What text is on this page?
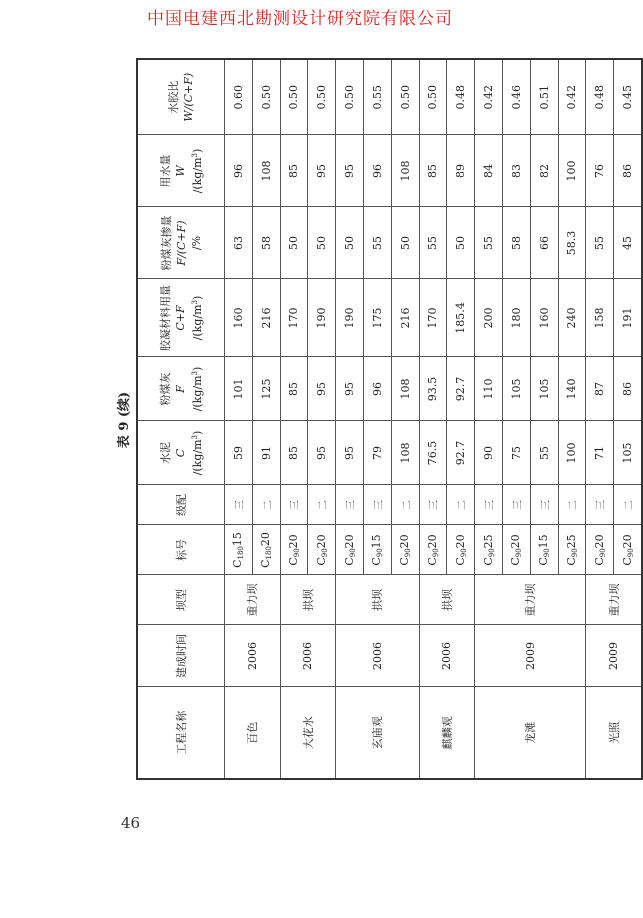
中国电建西北勘测设计研究院有限公司
表 9 (续)
工程名称	建成时间	坝型	标号	级配	水泥 C $/(kg/m^3)$	粉煤灰 F $/(kg/m^3)$	胶凝材料用量 C+F $/(kg/m^3)$	粉煤灰掺量 F/(C+F) /%	用水量 W $/(kg/m^3)$	水胶比 W/(C+F)

百色	2006	重力坝	$C_{180}15$	三	59	101	160	63	96	0.60
			$C_{180}20$	二	91	125	216	58	108	0.50
大花水	2006	拱坝	$C_{90}20$	三	85	85	170	50	85	0.50
			$C_{90}20$	二	95	95	190	50	95	0.50
玄庙观	2006	拱坝	$C_{90}20$	三	95	95	190	50	95	0.50
			$C_{90}15$	三	79	96	175	55	96	0.55
			$C_{90}20$	二	108	108	216	50	108	0.50
麒麟观	2006	拱坝	$C_{90}20$	三	76.5	93.5	170	55	85	0.50
			$C_{90}20$	二	92.7	92.7	185.4	50	89	0.48
龙滩	2009	重力坝	$C_{90}25$	三	90	110	200	55	84	0.42
			$C_{90}20$	三	75	105	180	58	83	0.46
			$C_{90}15$	三	55	105	160	66	82	0.51
			$C_{90}25$	二	100	140	240	58.3	100	0.42
光照	2009	重力坝	$C_{90}20$	三	71	87	158	55	76	0.48
			$C_{90}20$	二	105	86	191	45	86	0.45
46
